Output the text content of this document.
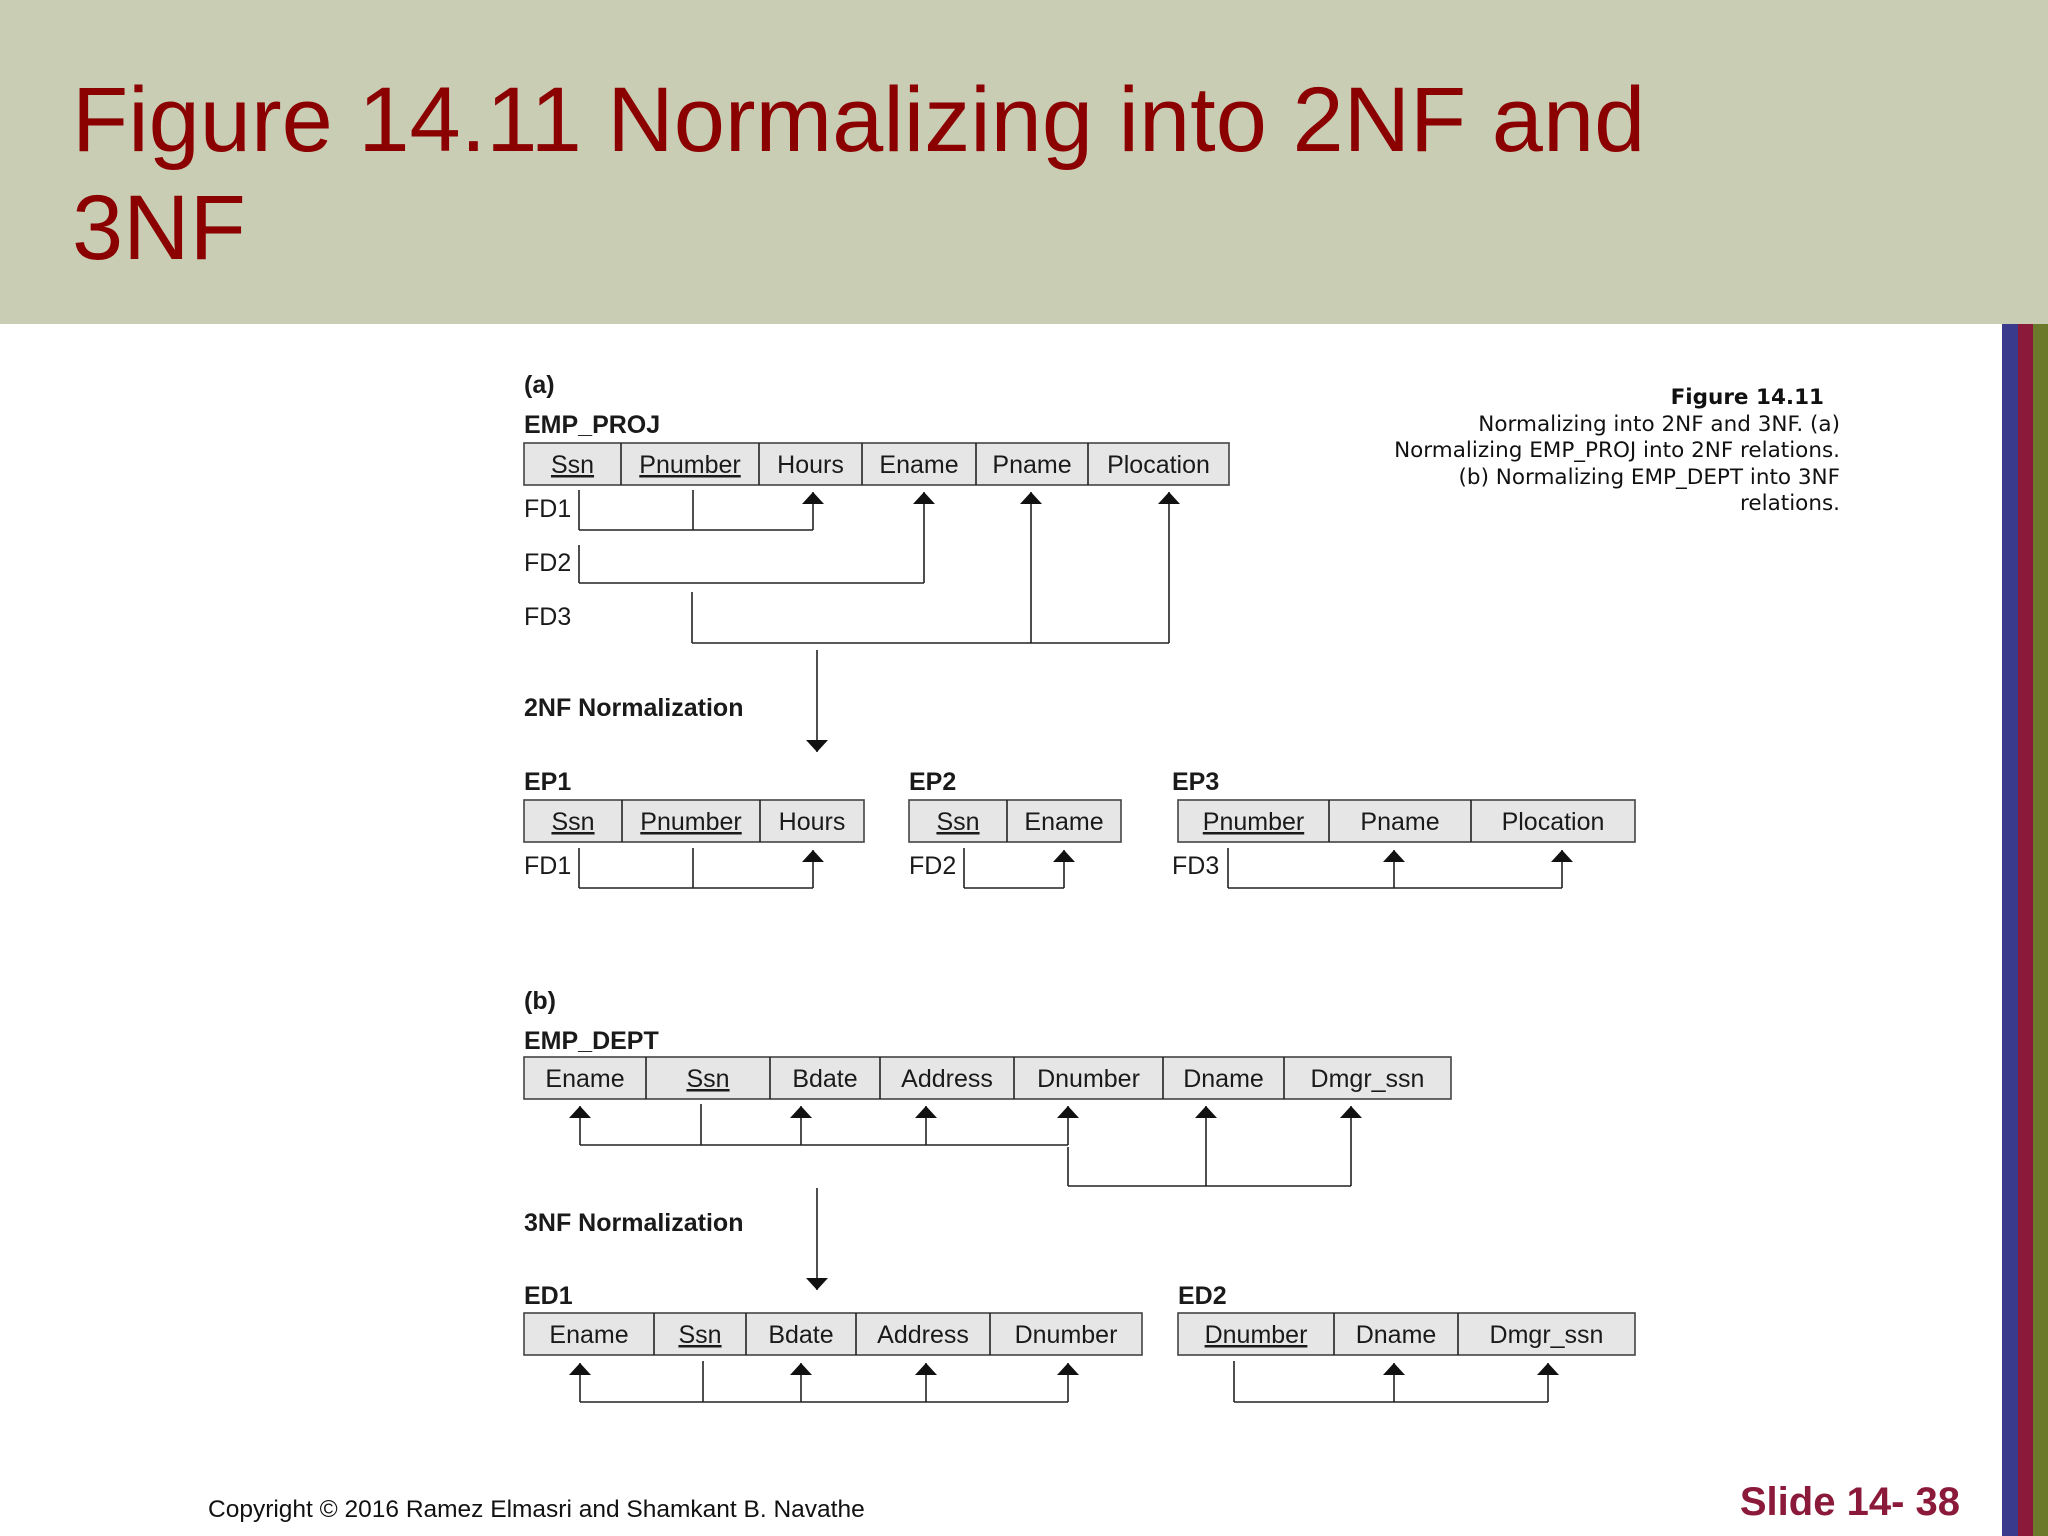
Figure 14.11 Normalizing into 2NF and 3NF
Figure 14.11
Normalizing into 2NF and 3NF. (a) Normalizing EMP_PROJ into 2NF relations. (b) Normalizing EMP_DEPT into 3NF relations.
(a)
EMP_PROJ
Ssn Pnumber Hours Ename Pname Plocation
FD1
FD2
FD3
2NF Normalization
EP1
Ssn Pnumber Hours
FD1
EP2
Ssn Ename
FD2
EP3
Pnumber Pname Plocation
FD3
(b)
EMP_DEPT
Ename Ssn	Bdate Address Dnumber Dname Dmgr_ssn
3NF Normalization
ED1
Ename Ssn Bdate Address Dnumber
ED2
Dnumber Dname Dmgr_ssn
Copyright © 2016 Ramez Elmasri and Shamkant B. Navathe	Slide 14- 38
